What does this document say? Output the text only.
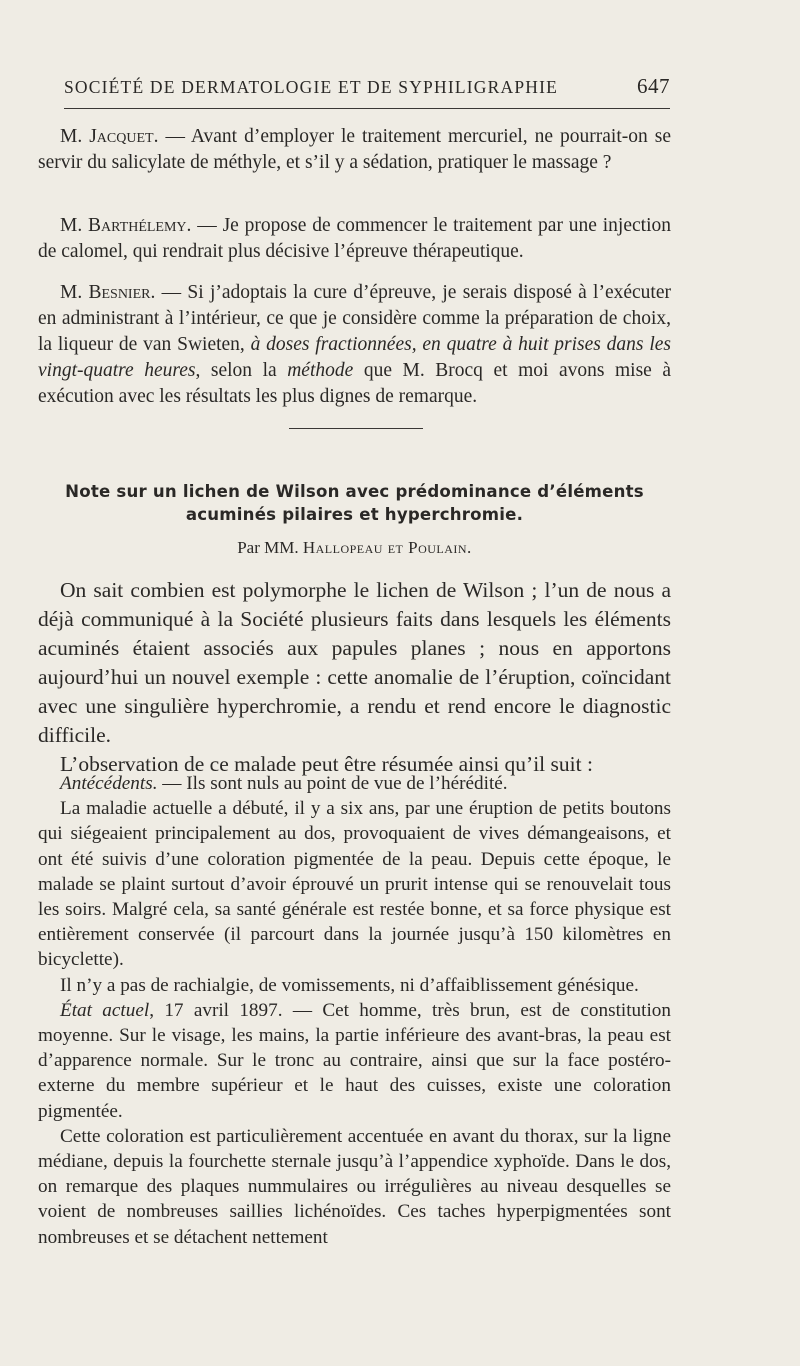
SOCIÉTÉ DE DERMATOLOGIE ET DE SYPHILIGRAPHIE	647

M. Jacquet. — Avant d’employer le traitement mercuriel, ne pourrait-on se servir du salicylate de méthyle, et s’il y a sédation, pratiquer le massage ?

M. Barthélemy. — Je propose de commencer le traitement par une injection de calomel, qui rendrait plus décisive l’épreuve thérapeutique.

M. Besnier. — Si j’adoptais la cure d’épreuve, je serais disposé à l’exécuter en administrant à l’intérieur, ce que je considère comme la préparation de choix, la liqueur de van Swieten, à doses fractionnées, en quatre à huit prises dans les vingt-quatre heures, selon la méthode que M. Brocq et moi avons mise à exécution avec les résultats les plus dignes de remarque.

Note sur un lichen de Wilson avec prédominance d’éléments
acuminés pilaires et hyperchromie.
Par MM. Hallopeau et Poulain.

On sait combien est polymorphe le lichen de Wilson ; l’un de nous a déjà communiqué à la Société plusieurs faits dans lesquels les éléments acuminés étaient associés aux papules planes ; nous en apportons aujourd’hui un nouvel exemple : cette anomalie de l’éruption, coïncidant avec une singulière hyperchromie, a rendu et rend encore le diagnostic difficile.

L’observation de ce malade peut être résumée ainsi qu’il suit :

Antécédents. — Ils sont nuls au point de vue de l’hérédité.

La maladie actuelle a débuté, il y a six ans, par une éruption de petits boutons qui siégeaient principalement au dos, provoquaient de vives démangeaisons, et ont été suivis d’une coloration pigmentée de la peau. Depuis cette époque, le malade se plaint surtout d’avoir éprouvé un prurit intense qui se renouvelait tous les soirs. Malgré cela, sa santé générale est restée bonne, et sa force physique est entièrement conservée (il parcourt dans la journée jusqu’à 150 kilomètres en bicyclette).

Il n’y a pas de rachialgie, de vomissements, ni d’affaiblissement génésique.

État actuel, 17 avril 1897. — Cet homme, très brun, est de constitution moyenne. Sur le visage, les mains, la partie inférieure des avant-bras, la peau est d’apparence normale. Sur le tronc au contraire, ainsi que sur la face postéro-externe du membre supérieur et le haut des cuisses, existe une coloration pigmentée.

Cette coloration est particulièrement accentuée en avant du thorax, sur la ligne médiane, depuis la fourchette sternale jusqu’à l’appendice xyphoïde. Dans le dos, on remarque des plaques nummulaires ou irrégulières au niveau desquelles se voient de nombreuses saillies lichénoïdes. Ces taches hyperpigmentées sont nombreuses et se détachent nettement
